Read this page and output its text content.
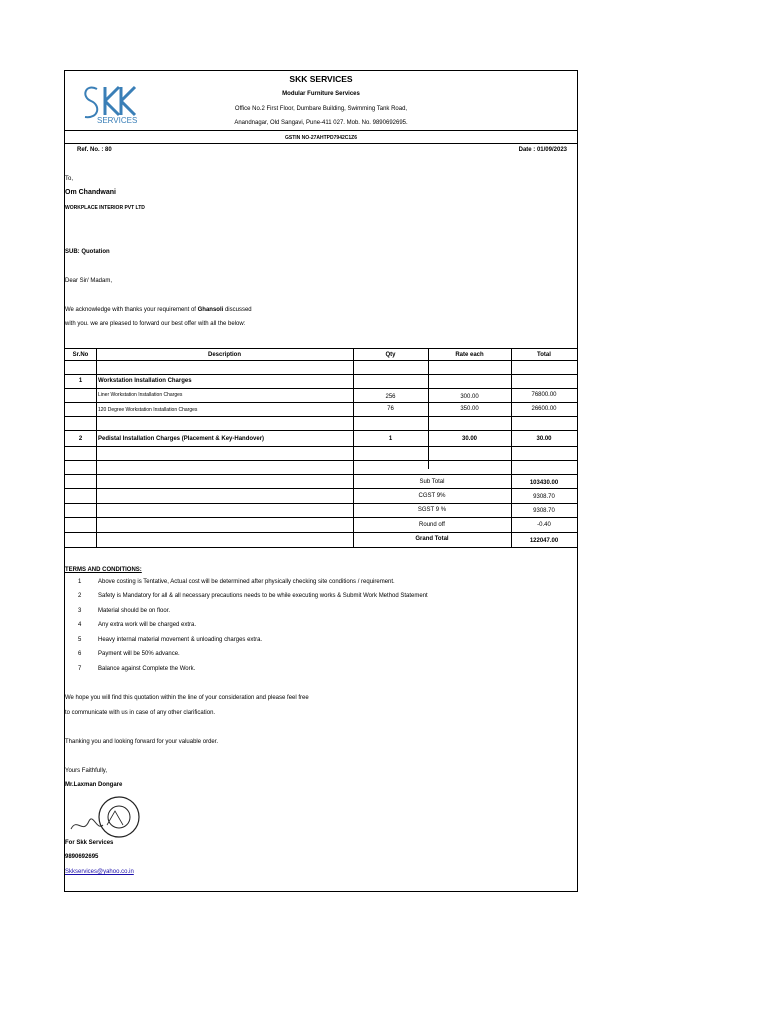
SERVICES
SKK SERVICES
Modular Furniture Services
Office No.2 First Floor, Dumbare Building, Swimming Tank Road,
Anandnagar, Old Sangavi, Pune-411 027. Mob. No. 9890692695.
GSTIN NO-27AHTPD7942C1Z6
Ref. No. : 80	Date : 01/09/2023
To,
Om Chandwani
WORKPLACE INTERIOR PVT LTD
SUB: Quotation
Dear Sir/ Madam,
We acknowledge with thanks your requirement of Ghansoli discussed
with you. we are pleased to forward our best offer with all the below:
Sr.No	Description	Qty	Rate each	Total
1	Workstation Installation Charges
Liner Workstation Installation Charges	256	300.00	76800.00
120 Degree Workstation Installation Charges	76	350.00	26600.00
2	Pedistal Installation Charges (Placement & Key-Handover)	1	30.00	30.00
Sub Total	103430.00
CGST 9%	9308.70
SGST 9 %	9308.70
Round off	-0.40
Grand Total	122047.00
TERMS AND CONDITIONS:
1	Above costing is Tentative, Actual cost will be determined after physically checking site conditions / requirement.
2	Safety is Mandatory for all & all necessary precautions needs to be while executing works & Submit Work Method Statement
3	Material should be on floor.
4	Any extra work will be charged extra.
5	Heavy internal material movement & unloading charges extra.
6	Payment will be 50% advance.
7	Balance against Complete the Work.
We hope you will find this quotation within the line of your consideration and please feel free
to communicate with us in case of any other clarification.
Thanking you and looking forward for your valuable order.
Yours Faithfully,
Mr.Laxman Dongare
For Skk Services
9890692695
Skkservices@yahoo.co.in
